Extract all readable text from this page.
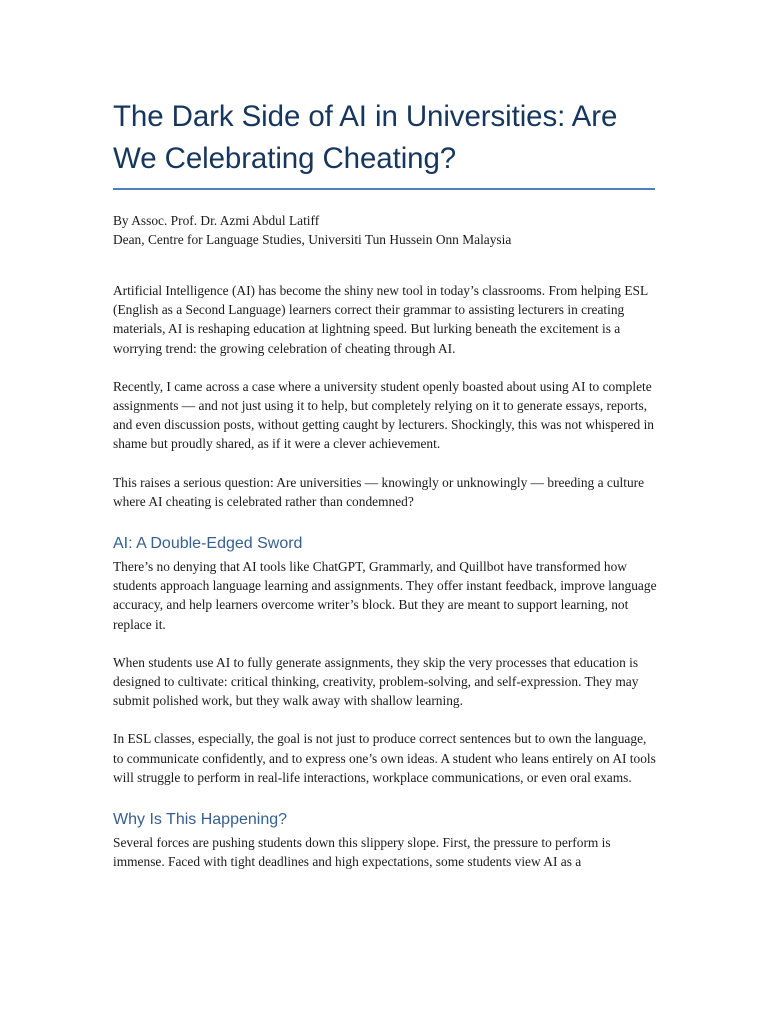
The Dark Side of AI in Universities: Are We Celebrating Cheating?
By Assoc. Prof. Dr. Azmi Abdul Latiff
Dean, Centre for Language Studies, Universiti Tun Hussein Onn Malaysia

Artificial Intelligence (AI) has become the shiny new tool in today’s classrooms. From helping ESL (English as a Second Language) learners correct their grammar to assisting lecturers in creating materials, AI is reshaping education at lightning speed. But lurking beneath the excitement is a worrying trend: the growing celebration of cheating through AI.

Recently, I came across a case where a university student openly boasted about using AI to complete assignments — and not just using it to help, but completely relying on it to generate essays, reports, and even discussion posts, without getting caught by lecturers. Shockingly, this was not whispered in shame but proudly shared, as if it were a clever achievement.

This raises a serious question: Are universities — knowingly or unknowingly — breeding a culture where AI cheating is celebrated rather than condemned?

AI: A Double-Edged Sword

There’s no denying that AI tools like ChatGPT, Grammarly, and Quillbot have transformed how students approach language learning and assignments. They offer instant feedback, improve language accuracy, and help learners overcome writer’s block. But they are meant to support learning, not replace it.

When students use AI to fully generate assignments, they skip the very processes that education is designed to cultivate: critical thinking, creativity, problem-solving, and self-expression. They may submit polished work, but they walk away with shallow learning.

In ESL classes, especially, the goal is not just to produce correct sentences but to own the language, to communicate confidently, and to express one’s own ideas. A student who leans entirely on AI tools will struggle to perform in real-life interactions, workplace communications, or even oral exams.

Why Is This Happening?

Several forces are pushing students down this slippery slope. First, the pressure to perform is immense. Faced with tight deadlines and high expectations, some students view AI as a
